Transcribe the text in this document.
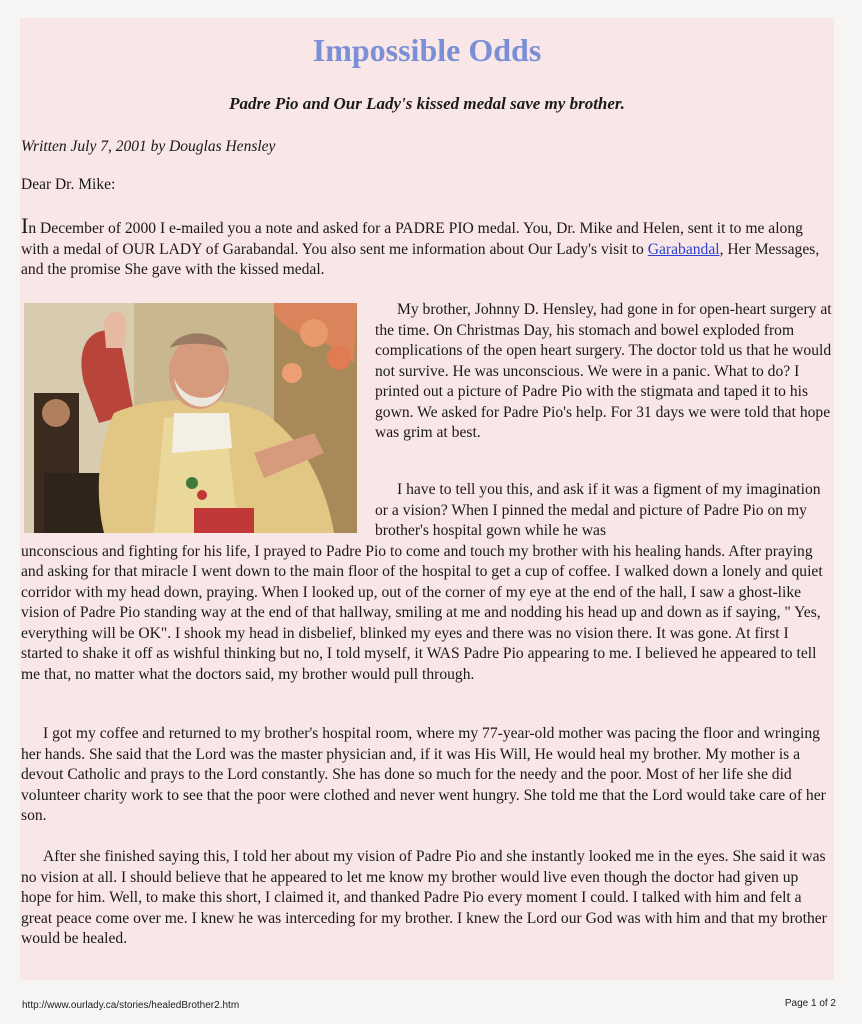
Impossible Odds
Padre Pio and Our Lady's kissed medal save my brother.
Written July 7, 2001 by Douglas Hensley
Dear Dr. Mike:
In December of 2000 I e-mailed you a note and asked for a PADRE PIO medal. You, Dr. Mike and Helen, sent it to me along with a medal of OUR LADY of Garabandal. You also sent me information about Our Lady's visit to Garabandal, Her Messages, and the promise She gave with the kissed medal.
My brother, Johnny D. Hensley, had gone in for open-heart surgery at the time. On Christmas Day, his stomach and bowel exploded from complications of the open heart surgery. The doctor told us that he would not survive. He was unconscious. We were in a panic. What to do? I printed out a picture of Padre Pio with the stigmata and taped it to his gown. We asked for Padre Pio's help. For 31 days we were told that hope was grim at best.
I have to tell you this, and ask if it was a figment of my imagination or a vision? When I pinned the medal and picture of Padre Pio on my brother's hospital gown while he was
unconscious and fighting for his life, I prayed to Padre Pio to come and touch my brother with his healing hands. After praying and asking for that miracle I went down to the main floor of the hospital to get a cup of coffee. I walked down a lonely and quiet corridor with my head down, praying. When I looked up, out of the corner of my eye at the end of the hall, I saw a ghost-like vision of Padre Pio standing way at the end of that hallway, smiling at me and nodding his head up and down as if saying, " Yes, everything will be OK". I shook my head in disbelief, blinked my eyes and there was no vision there. It was gone. At first I started to shake it off as wishful thinking but no, I told myself, it WAS Padre Pio appearing to me. I believed he appeared to tell me that, no matter what the doctors said, my brother would pull through.
I got my coffee and returned to my brother's hospital room, where my 77-year-old mother was pacing the floor and wringing her hands. She said that the Lord was the master physician and, if it was His Will, He would heal my brother. My mother is a devout Catholic and prays to the Lord constantly. She has done so much for the needy and the poor. Most of her life she did volunteer charity work to see that the poor were clothed and never went hungry. She told me that the Lord would take care of her son.
After she finished saying this, I told her about my vision of Padre Pio and she instantly looked me in the eyes. She said it was no vision at all. I should believe that he appeared to let me know my brother would live even though the doctor had given up hope for him. Well, to make this short, I claimed it, and thanked Padre Pio every moment I could. I talked with him and felt a great peace come over me. I knew he was interceding for my brother. I knew the Lord our God was with him and that my brother would be healed.
http://www.ourlady.ca/stories/healedBrother2.htm	Page 1 of 2
